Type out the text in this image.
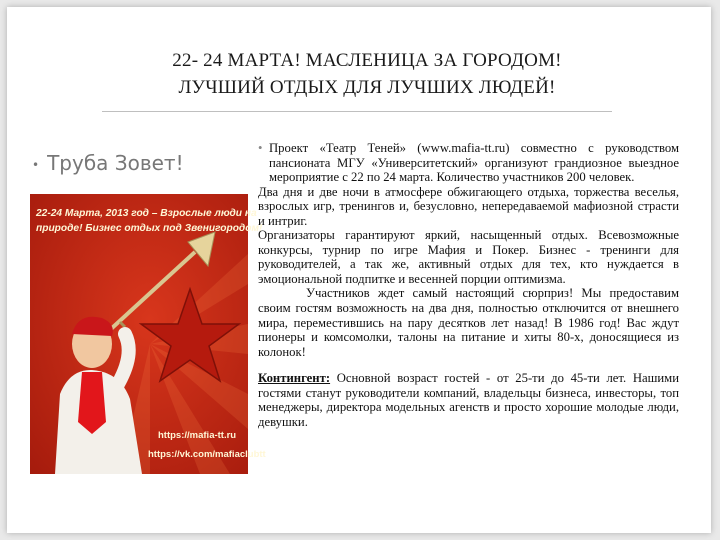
22- 24 МАРТА! МАСЛЕНИЦА ЗА ГОРОДОМ!
ЛУЧШИЙ ОТДЫХ ДЛЯ ЛУЧШИХ ЛЮДЕЙ!
• Труба Зовет!
22-24 Марта, 2013 год – Взрослые люди на
природе! Бизнес отдых под Звенигородом!
https://mafia-tt.ru
https://vk.com/mafiaclubtt

• Проект «Театр Теней» (www.mafia-tt.ru) совместно с руководством пансионата МГУ «Университетский» организуют грандиозное выездное мероприятие с 22 по 24 марта. Количество участников 200 человек.

Два дня и две ночи в атмосфере обжигающего отдыха, торжества веселья, взрослых игр, тренингов и, безусловно, непередаваемой мафиозной страсти и интриг.

Организаторы гарантируют яркий, насыщенный отдых. Всевозможные конкурсы, турнир по игре Мафия и Покер. Бизнес - тренинги для руководителей, а так же, активный отдых для тех, кто нуждается в эмоциональной подпитке и весенней порции оптимизма.

Участников ждет самый настоящий сюрприз! Мы предоставим своим гостям возможность на два дня, полностью отключится от внешнего мира, переместившись на пару десятков лет назад! В 1986 год! Вас ждут пионеры и комсомолки, талоны на питание и хиты 80-х, доносящиеся из колонок!

Контингент: Основной возраст гостей - от 25-ти до 45-ти лет. Нашими гостями станут руководители компаний, владельцы бизнеса, инвесторы, топ менеджеры, директора модельных агенств и просто хорошие молодые люди, девушки.
